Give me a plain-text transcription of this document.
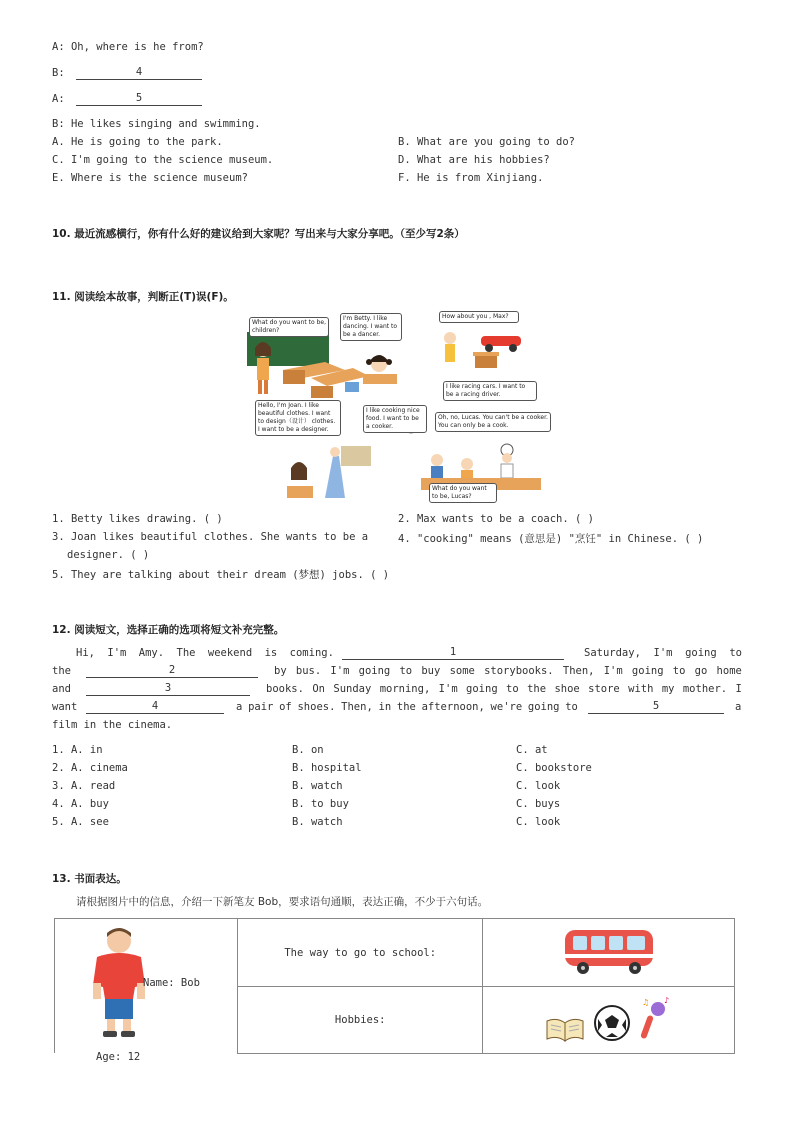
A: Oh, where is he from?
B:	4
A:	5
B: He likes singing and swimming.
A. He is going to the park.	B. What are you going to do?
C. I'm going to the science museum.	D. What are his hobbies?
E. Where is the science museum?	F. He is from Xinjiang.
10. 最近流感横行，你有什么好的建议给到大家呢？写出来与大家分享吧。（至少写2条）
11. 阅读绘本故事，判断正(T)误(F)。
What do you want to be, children?
I'm Betty. I like dancing. I want to be a dancer.
How about you , Max?
I like racing cars. I want to be a racing driver.
Hello, I'm Joan. I like beautiful clothes. I want to design（设计） clothes. I want to be a designer.
I like cooking nice food. I want to be a cooker.
Oh, no, Lucas. You can't be a cooker. You can only be a cook.
What do you want to be, Lucas?
1. Betty likes drawing. ( )	2. Max wants to be a coach. ( )
3. Joan likes beautiful clothes. She wants to be a	4. "cooking" means (意思是) "烹饪" in Chinese. ( )
designer. ( )
5. They are talking about their dream (梦想) jobs. ( )
12. 阅读短文，选择正确的选项将短文补充完整。
Hi, I'm Amy. The weekend is coming.	1	Saturday, I'm going to
the	2	by bus. I'm going to buy some storybooks. Then, I'm going to go home
and	3	books. On Sunday morning, I'm going to the shoe store with my mother. I
want	4	a pair of shoes. Then, in the afternoon, we're going to	5	a
film in the cinema.
1. A. in	B. on	C. at
2. A. cinema	B. hospital	C. bookstore
3. A. read	B. watch	C. look
4. A. buy	B. to buy	C. buys
5. A. see	B. watch	C. look
13. 书面表达。
请根据图片中的信息，介绍一下新笔友 Bob，要求语句通顺，表达正确，不少于六句话。
Name: Bob
Age: 12
The way to go to school:	
Hobbies:	♪
♫
